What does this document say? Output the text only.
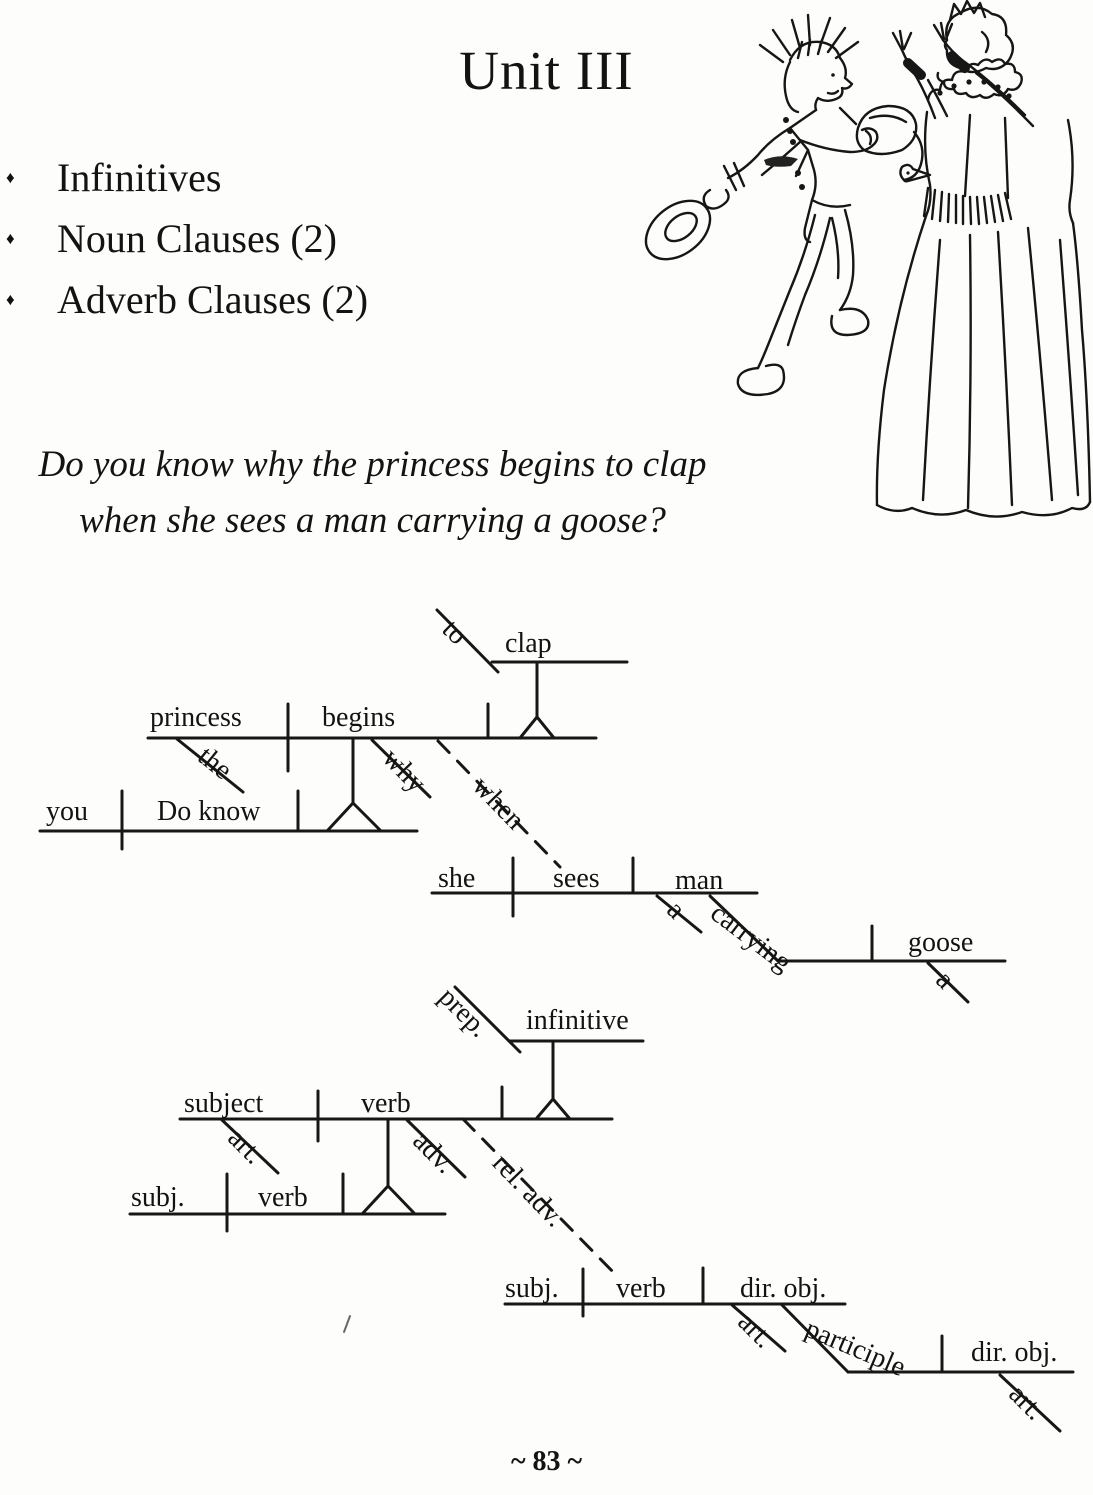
Unit III
♦	Infinitives
♦	Noun Clauses (2)
♦	Adverb Clauses (2)
Do you know why the princess begins to clap
when she sees a man carrying a goose?
to clap
princess
the
begins
why when
you Do know
she	sees	man
a carrying	goose
a
prep. infinitive
subject
art.
verb
adv. rel. adv.
subj.	verb
subj. verb	dir. obj.
art. participle dir. obj.
art.
~ 83 ~
